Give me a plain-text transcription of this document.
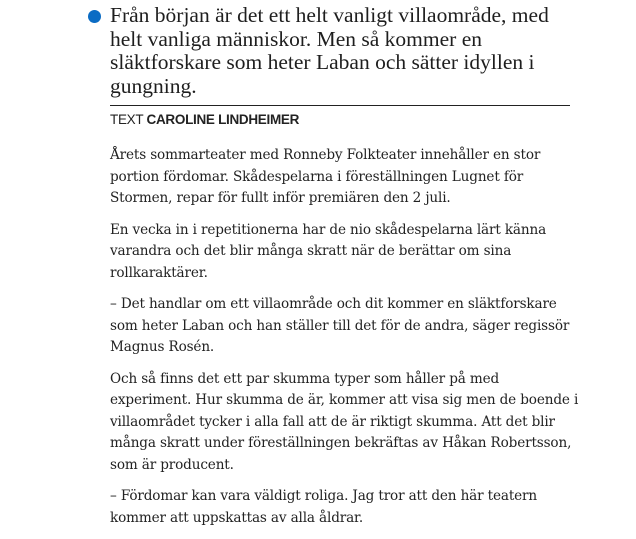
Från början är det ett helt vanligt villaområde, med helt vanliga människor. Men så kommer en släktforskare som heter Laban och sätter idyllen i gungning.

TEXT CAROLINE LINDHEIMER

Årets sommarteater med Ronneby Folkteater innehåller en stor portion fördomar. Skådespelarna i föreställningen Lugnet för Stormen, repar för fullt inför premiären den 2 juli.

En vecka in i repetitionerna har de nio skådespelarna lärt känna varandra och det blir många skratt när de berättar om sina rollkaraktärer.

– Det handlar om ett villaområde och dit kommer en släktforskare som heter Laban och han ställer till det för de andra, säger regissör Magnus Rosén.

Och så finns det ett par skumma typer som håller på med experiment. Hur skumma de är, kommer att visa sig men de boende i villaområdet tycker i alla fall att de är riktigt skumma. Att det blir många skratt under föreställningen bekräftas av Håkan Robertsson, som är producent.

– Fördomar kan vara väldigt roliga. Jag tror att den här teatern kommer att uppskattas av alla åldrar.
